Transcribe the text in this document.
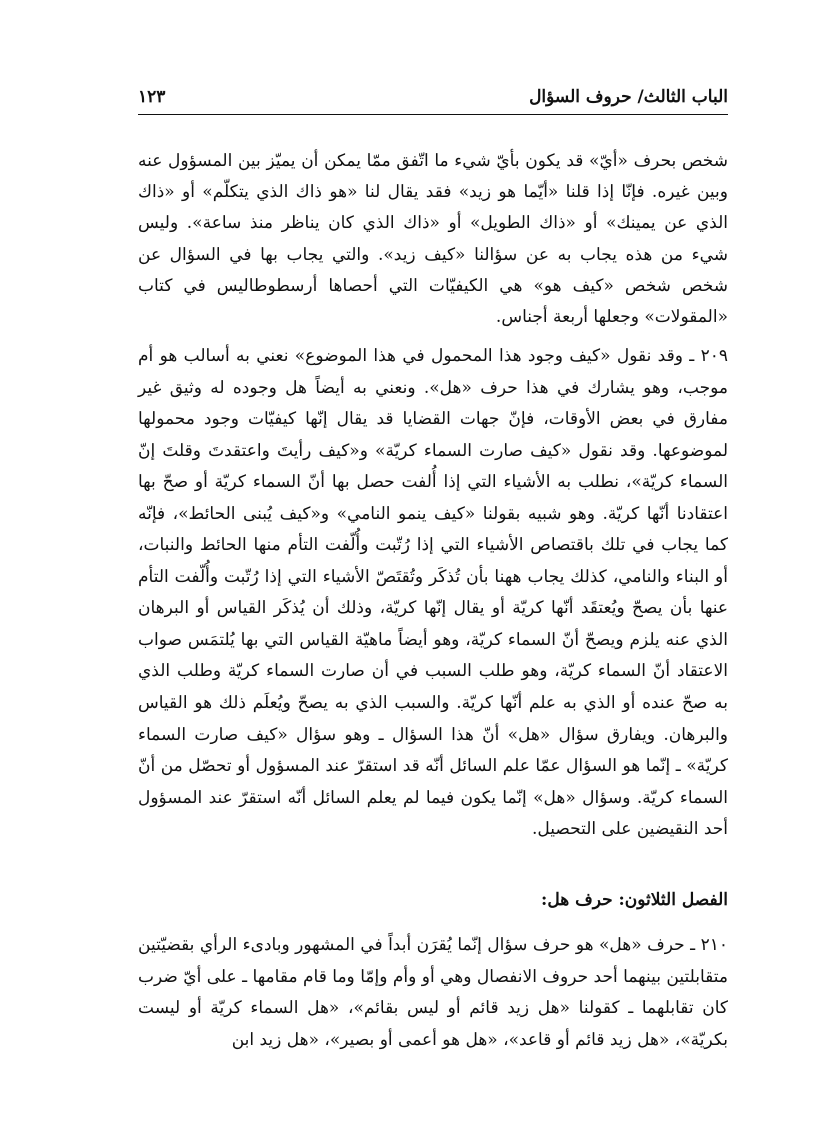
الباب الثالث/ حروف السؤال
١٢٣

شخص بحرف «أيّ» قد يكون بأيّ شيء ما اتّفق ممّا يمكن أن يميّز بين المسؤول عنه وبين غيره. فإنّا إذا قلنا «أيّما هو زيد» فقد يقال لنا «هو ذاك الذي يتكلّم» أو «ذاك الذي عن يمينك» أو «ذاك الطويل» أو «ذاك الذي كان يناظر منذ ساعة». وليس شيء من هذه يجاب به عن سؤالنا «كيف زيد». والتي يجاب بها في السؤال عن شخص شخص «كيف هو» هي الكيفيّات التي أحصاها أرسطوطاليس في كتاب «المقولات» وجعلها أربعة أجناس.

٢٠٩ ـ وقد نقول «كيف وجود هذا المحمول في هذا الموضوع» نعني به أسالب هو أم موجب، وهو يشارك في هذا حرف «هل». ونعني به أيضاً هل وجوده له وثيق غير مفارق في بعض الأوقات، فإنّ جهات القضايا قد يقال إنّها كيفيّات وجود محمولها لموضوعها. وقد نقول «كيف صارت السماء كريّة» و«كيف رأيتَ واعتقدتَ وقلتَ إنّ السماء كريّة»، نطلب به الأشياء التي إذا أُلفت حصل بها أنّ السماء كريّة أو صحّ بها اعتقادنا أنّها كريّة. وهو شبيه بقولنا «كيف ينمو النامي» و«كيف يُبنى الحائط»، فإنّه كما يجاب في تلك باقتصاص الأشياء التي إذا رُتّبت وأُلّفت التأم منها الحائط والنبات، أو البناء والنامي، كذلك يجاب ههنا بأن تُذكَر وتُقتَصّ الأشياء التي إذا رُتّبت وأُلّفت التأم عنها بأن يصحّ ويُعتقَد أنّها كريّة أو يقال إنّها كريّة، وذلك أن يُذكَر القياس أو البرهان الذي عنه يلزم ويصحّ أنّ السماء كريّة، وهو أيضاً ماهيّة القياس التي بها يُلتمَس صواب الاعتقاد أنّ السماء كريّة، وهو طلب السبب في أن صارت السماء كريّة وطلب الذي به صحّ عنده أو الذي به علم أنّها كريّة. والسبب الذي به يصحّ ويُعلَم ذلك هو القياس والبرهان. ويفارق سؤال «هل» أنّ هذا السؤال ـ وهو سؤال «كيف صارت السماء كريّة» ـ إنّما هو السؤال عمّا علم السائل أنّه قد استقرّ عند المسؤول أو تحصّل من أنّ السماء كريّة. وسؤال «هل» إنّما يكون فيما لم يعلم السائل أنّه استقرّ عند المسؤول أحد النقيضين على التحصيل.

الفصل الثلاثون: حرف هل:

٢١٠ ـ حرف «هل» هو حرف سؤال إنّما يُقرَن أبداً في المشهور وبادىء الرأي بقضيّتين متقابلتين بينهما أحد حروف الانفصال وهي أو وأم وإمّا وما قام مقامها ـ على أيّ ضرب كان تقابلهما ـ كقولنا «هل زيد قائم أو ليس بقائم»، «هل السماء كريّة أو ليست بكريّة»، «هل زيد قائم أو قاعد»، «هل هو أعمى أو بصير»، «هل زيد ابن
